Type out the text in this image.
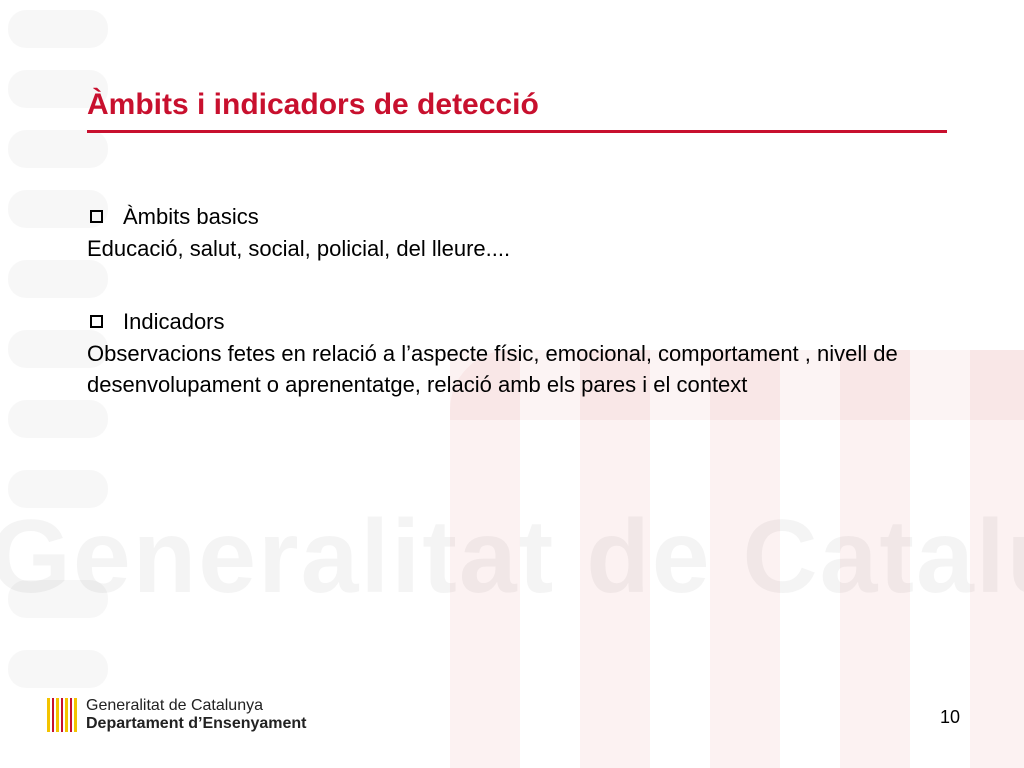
Àmbits i indicadors de detecció
Àmbits basics

Educació, salut, social, policial, del lleure....

Indicadors

Observacions fetes en relació a l’aspecte físic, emocional, comportament , nivell de desenvolupament o aprenentatge, relació amb els pares i el context

Generalitat de Catalunya
Departament d’Ensenyament	10
